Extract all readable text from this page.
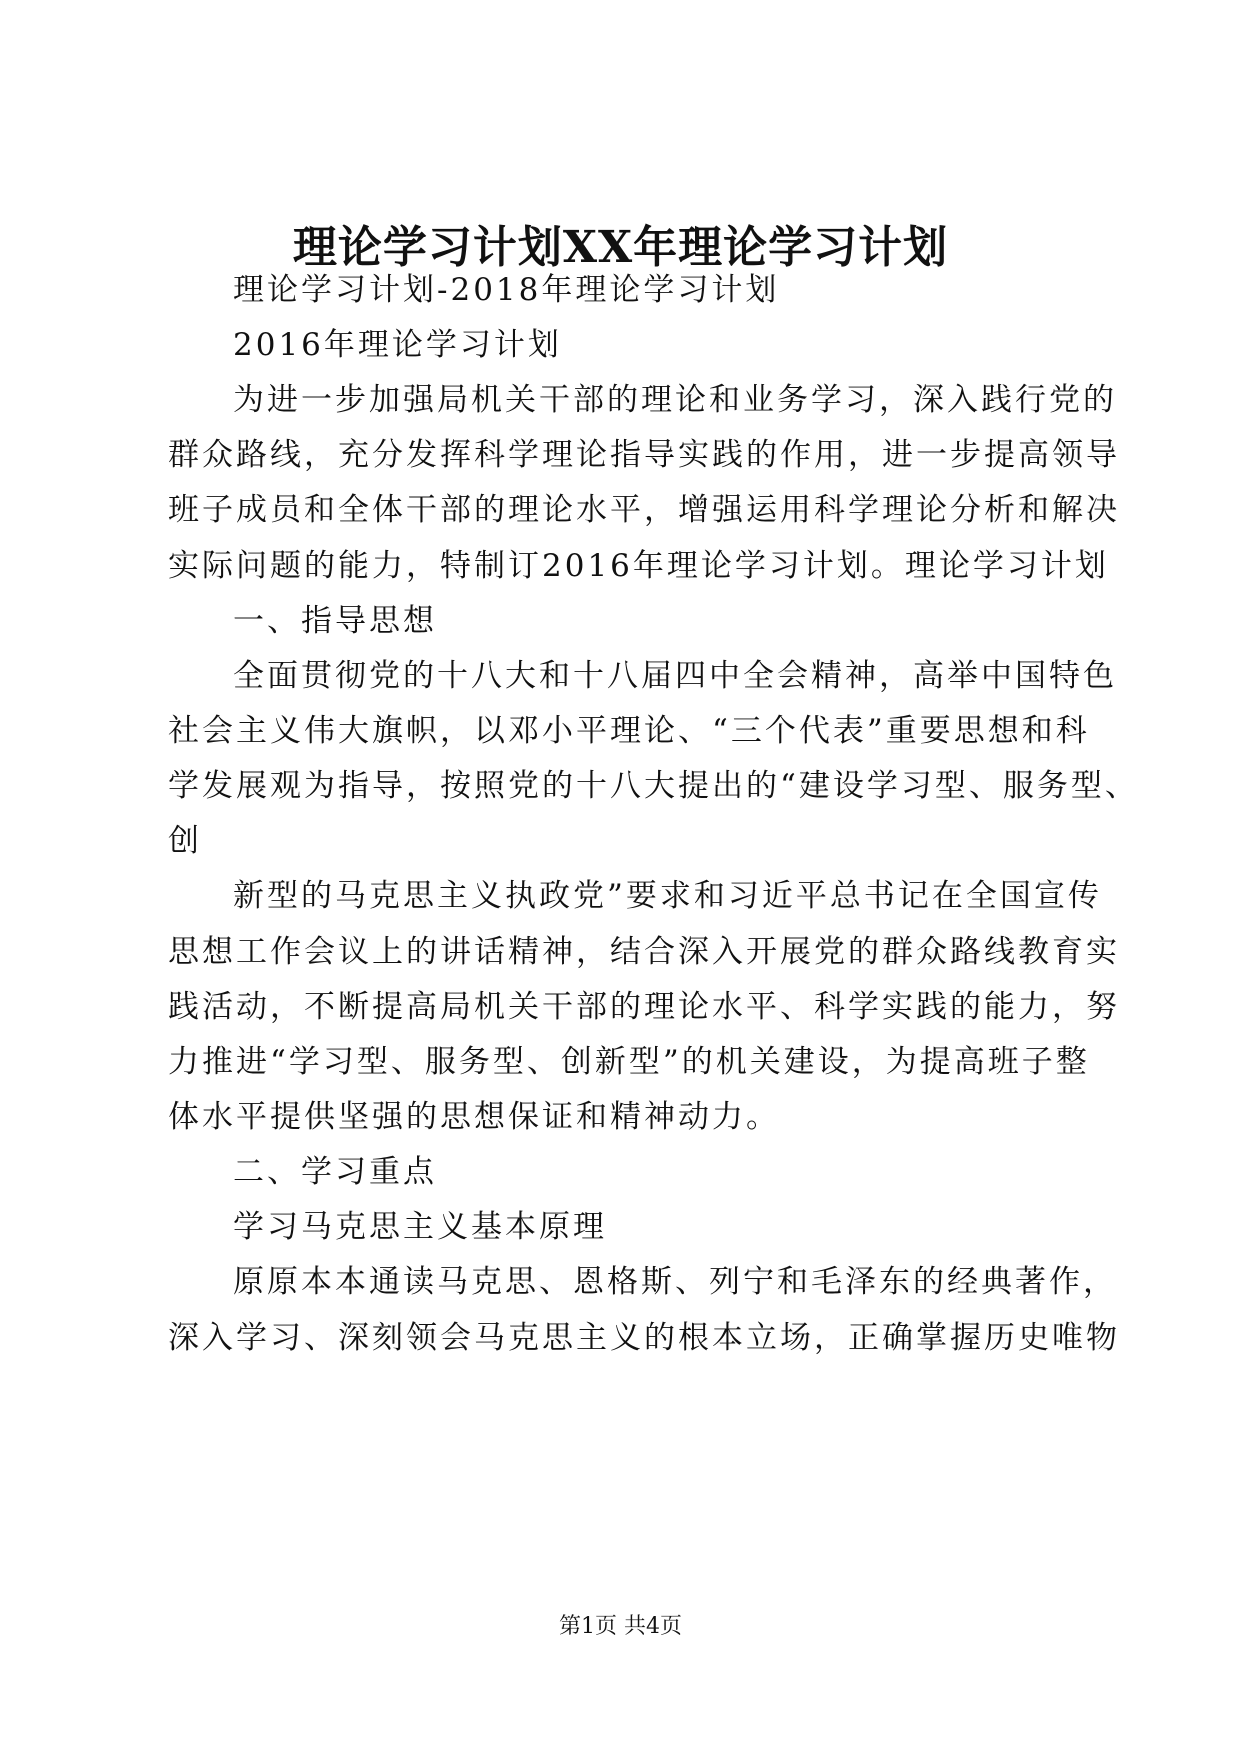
理论学习计划XX年理论学习计划

理论学习计划-2018年理论学习计划

2016年理论学习计划

为进一步加强局机关干部的理论和业务学习，深入践行党的

群众路线，充分发挥科学理论指导实践的作用，进一步提高领导

班子成员和全体干部的理论水平，增强运用科学理论分析和解决

实际问题的能力，特制订2016年理论学习计划。理论学习计划

一、指导思想

全面贯彻党的十八大和十八届四中全会精神，高举中国特色

社会主义伟大旗帜，以邓小平理论、“三个代表”重要思想和科

学发展观为指导，按照党的十八大提出的“建设学习型、服务型、

创

新型的马克思主义执政党”要求和习近平总书记在全国宣传

思想工作会议上的讲话精神，结合深入开展党的群众路线教育实

践活动，不断提高局机关干部的理论水平、科学实践的能力，努

力推进“学习型、服务型、创新型”的机关建设，为提高班子整

体水平提供坚强的思想保证和精神动力。

二、学习重点

学习马克思主义基本原理

原原本本通读马克思、恩格斯、列宁和毛泽东的经典著作，

深入学习、深刻领会马克思主义的根本立场，正确掌握历史唯物

第1页 共4页
